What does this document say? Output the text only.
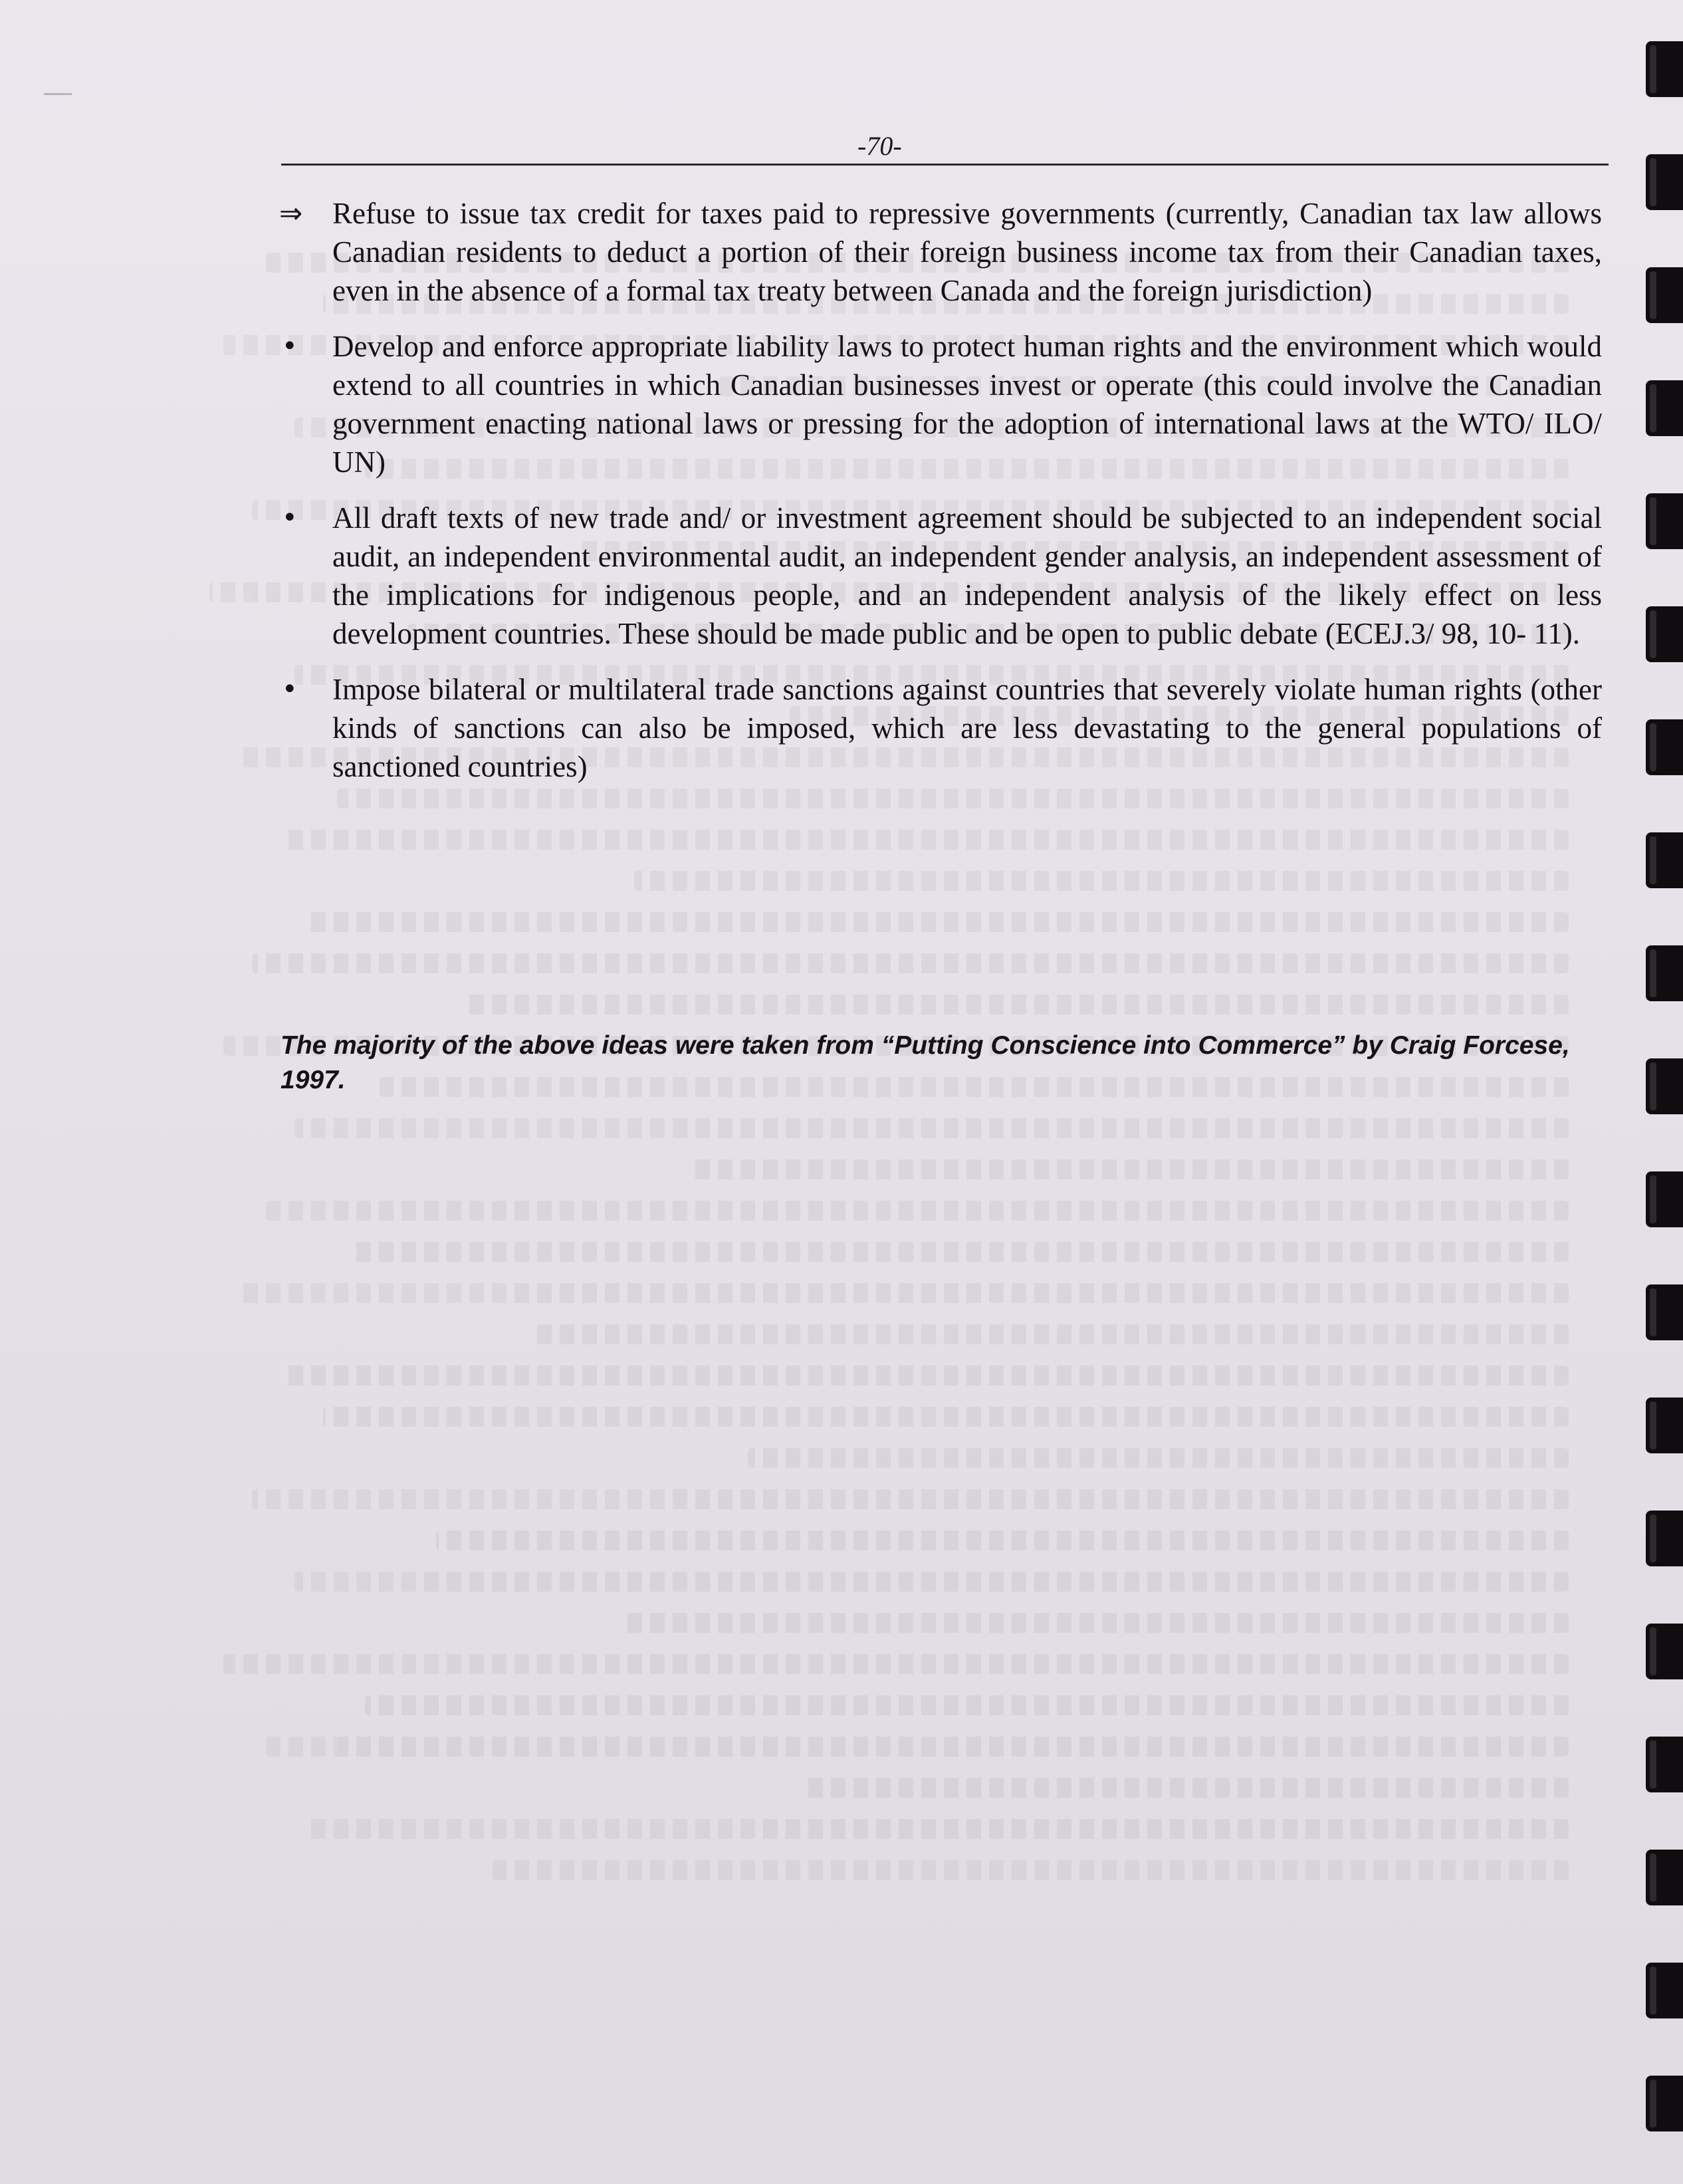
-70-
⇒ Refuse to issue tax credit for taxes paid to repressive governments (currently, Canadian tax law allows Canadian residents to deduct a portion of their foreign business income tax from their Canadian taxes, even in the absence of a formal tax treaty between Canada and the foreign jurisdiction)
• Develop and enforce appropriate liability laws to protect human rights and the environment which would extend to all countries in which Canadian businesses invest or operate (this could involve the Canadian government enacting national laws or pressing for the adoption of international laws at the WTO/ ILO/ UN)
• All draft texts of new trade and/ or investment agreement should be subjected to an independent social audit, an independent environmental audit, an independent gender analysis, an independent assessment of the implications for indigenous people, and an independent analysis of the likely effect on less development countries. These should be made public and be open to public debate (ECEJ.3/ 98, 10- 11).
• Impose bilateral or multilateral trade sanctions against countries that severely violate human rights (other kinds of sanctions can also be imposed, which are less devastating to the general populations of sanctioned countries)
The majority of the above ideas were taken from “Putting Conscience into Commerce” by Craig Forcese, 1997.
